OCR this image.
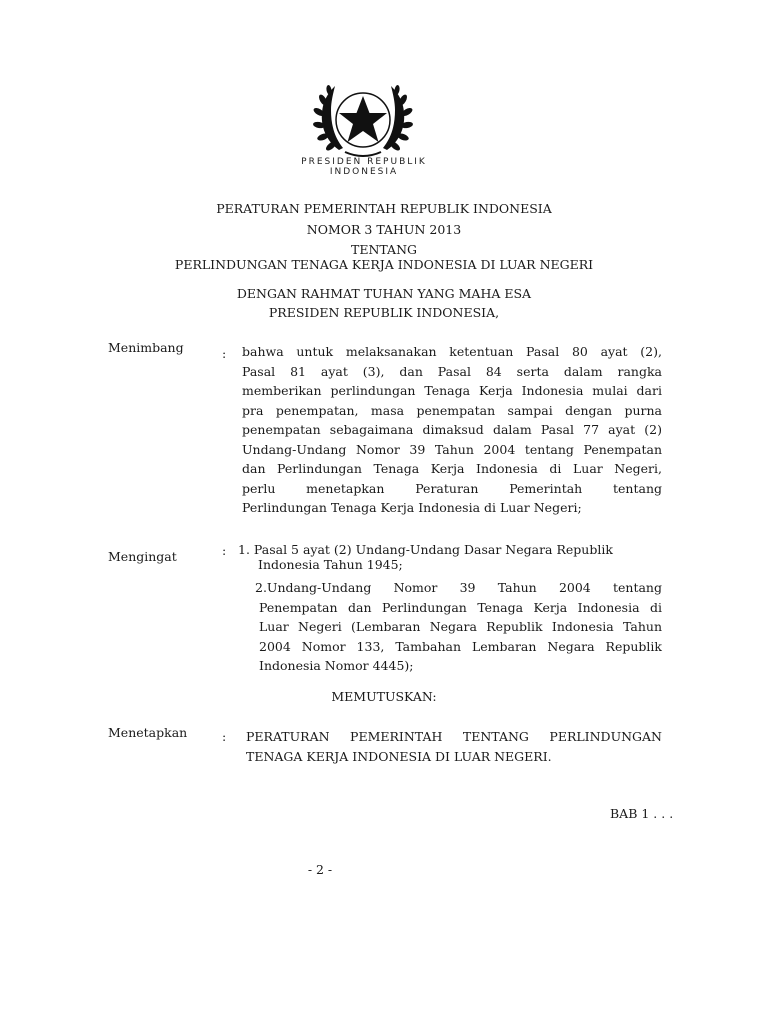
PRESIDEN REPUBLIK
INDONESIA
PERATURAN PEMERINTAH REPUBLIK INDONESIA
NOMOR 3 TAHUN 2013
TENTANG
PERLINDUNGAN TENAGA KERJA INDONESIA DI LUAR NEGERI
DENGAN RAHMAT TUHAN YANG MAHA ESA
PRESIDEN REPUBLIK INDONESIA,
Menimbang	: bahwa untuk melaksanakan ketentuan Pasal 80 ayat (2),
Pasal 81 ayat (3), dan Pasal 84 serta dalam rangka
memberikan perlindungan Tenaga Kerja Indonesia mulai dari
pra penempatan, masa penempatan sampai dengan purna
penempatan sebagaimana dimaksud dalam Pasal 77 ayat (2)
Undang-Undang Nomor 39 Tahun 2004 tentang Penempatan
dan Perlindungan Tenaga Kerja Indonesia di Luar Negeri,
perlu menetapkan Peraturan Pemerintah tentang
Perlindungan Tenaga Kerja Indonesia di Luar Negeri;
Mengingat	: 1. Pasal 5 ayat (2) Undang-Undang Dasar Negara Republik
Indonesia Tahun 1945;
2.Undang-Undang Nomor 39 Tahun 2004 tentang
Penempatan dan Perlindungan Tenaga Kerja Indonesia di
Luar Negeri (Lembaran Negara Republik Indonesia Tahun
2004 Nomor 133, Tambahan Lembaran Negara Republik
Indonesia Nomor 4445);
MEMUTUSKAN:
Menetapkan	: PERATURAN PEMERINTAH TENTANG PERLINDUNGAN
TENAGA KERJA INDONESIA DI LUAR NEGERI.
BAB 1 . . .
- 2 -
